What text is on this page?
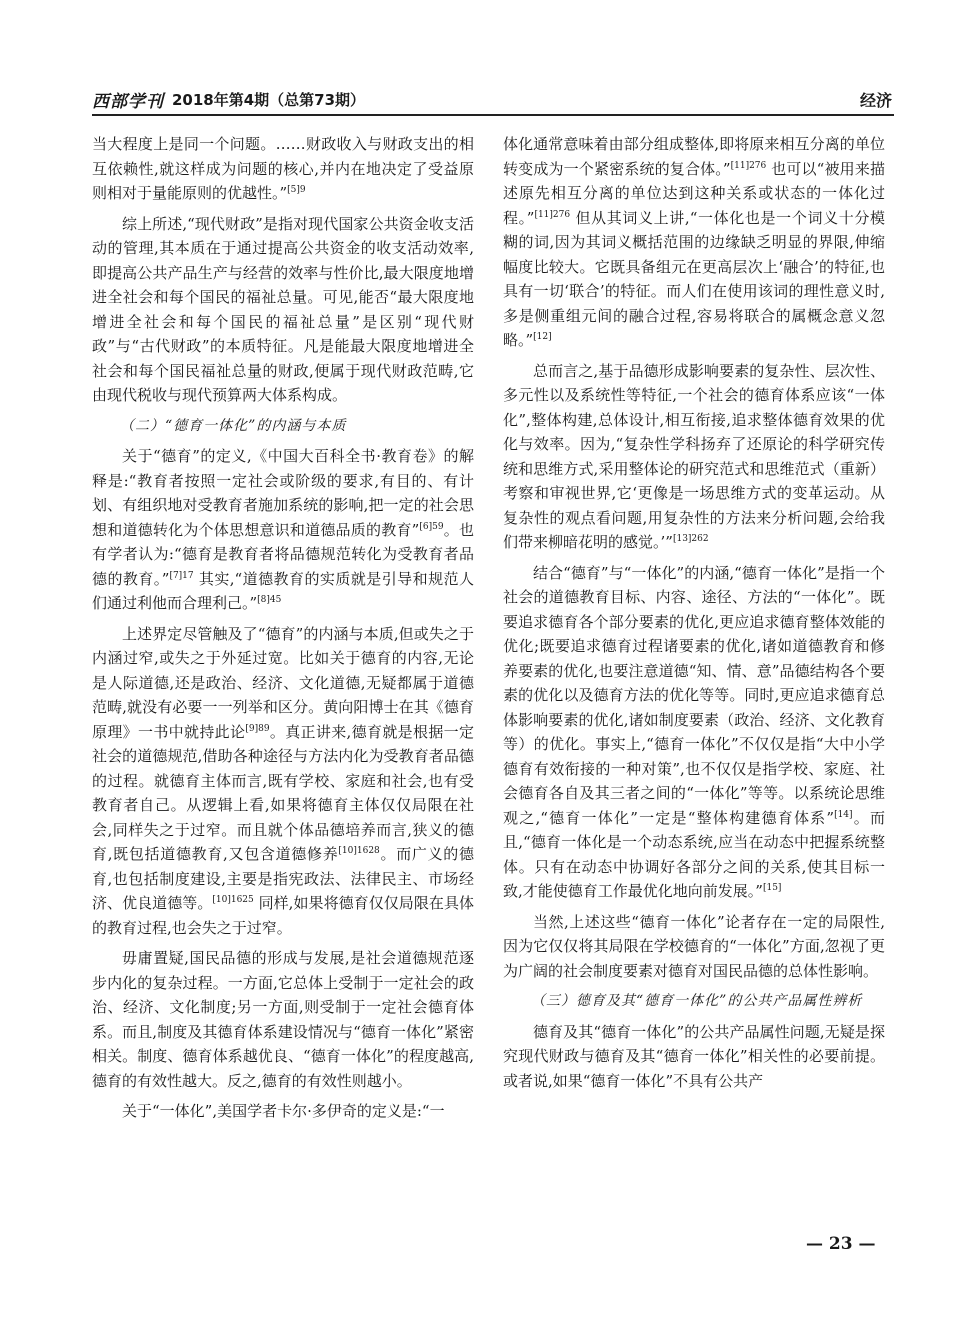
西部学刊 2018年第4期（总第73期）	经济

当大程度上是同一个问题。……财政收入与财政支出的相互依赖性,就这样成为问题的核心,并内在地决定了受益原则相对于量能原则的优越性。”$^{[5]9}$

综上所述,“现代财政”是指对现代国家公共资金收支活动的管理,其本质在于通过提高公共资金的收支活动效率,即提高公共产品生产与经营的效率与性价比,最大限度地增进全社会和每个国民的福祉总量。可见,能否“最大限度地增进全社会和每个国民的福祉总量”是区别“现代财政”与“古代财政”的本质特征。凡是能最大限度地增进全社会和每个国民福祉总量的财政,便属于现代财政范畴,它由现代税收与现代预算两大体系构成。

（二）“德育一体化”的内涵与本质

关于“德育”的定义,《中国大百科全书·教育卷》的解释是:“教育者按照一定社会或阶级的要求,有目的、有计划、有组织地对受教育者施加系统的影响,把一定的社会思想和道德转化为个体思想意识和道德品质的教育”$^{[6]59}$。也有学者认为:“德育是教育者将品德规范转化为受教育者品德的教育。”$^{[7]17}$ 其实,“道德教育的实质就是引导和规范人们通过利他而合理利己。”$^{[8]45}$

上述界定尽管触及了“德育”的内涵与本质,但或失之于内涵过窄,或失之于外延过宽。比如关于德育的内容,无论是人际道德,还是政治、经济、文化道德,无疑都属于道德范畴,就没有必要一一列举和区分。黄向阳博士在其《德育原理》一书中就持此论$^{[9]89}$。真正讲来,德育就是根据一定社会的道德规范,借助各种途径与方法内化为受教育者品德的过程。就德育主体而言,既有学校、家庭和社会,也有受教育者自己。从逻辑上看,如果将德育主体仅仅局限在社会,同样失之于过窄。而且就个体品德培养而言,狭义的德育,既包括道德教育,又包含道德修养$^{[10]1628}$。而广义的德育,也包括制度建设,主要是指宪政法、法律民主、市场经济、优良道德等。$^{[10]1625}$ 同样,如果将德育仅仅局限在具体的教育过程,也会失之于过窄。

毋庸置疑,国民品德的形成与发展,是社会道德规范逐步内化的复杂过程。一方面,它总体上受制于一定社会的政治、经济、文化制度;另一方面,则受制于一定社会德育体系。而且,制度及其德育体系建设情况与“德育一体化”紧密相关。制度、德育体系越优良、“德育一体化”的程度越高,德育的有效性越大。反之,德育的有效性则越小。

关于“一体化”,美国学者卡尔·多伊奇的定义是:“一

体化通常意味着由部分组成整体,即将原来相互分离的单位转变成为一个紧密系统的复合体。”$^{[11]276}$ 也可以“被用来描述原先相互分离的单位达到这种关系或状态的一体化过程。”$^{[11]276}$ 但从其词义上讲,“一体化也是一个词义十分模糊的词,因为其词义概括范围的边缘缺乏明显的界限,伸缩幅度比较大。它既具备组元在更高层次上‘融合’的特征,也具有一切‘联合’的特征。而人们在使用该词的理性意义时,多是侧重组元间的融合过程,容易将联合的属概念意义忽略。”[12]

总而言之,基于品德形成影响要素的复杂性、层次性、多元性以及系统性等特征,一个社会的德育体系应该“一体化”,整体构建,总体设计,相互衔接,追求整体德育效果的优化与效率。因为,“复杂性学科扬弃了还原论的科学研究传统和思维方式,采用整体论的研究范式和思维范式（重新）考察和审视世界,它‘更像是一场思维方式的变革运动。从复杂性的观点看问题,用复杂性的方法来分析问题,会给我们带来柳暗花明的感觉。’”$^{[13]262}$

结合“德育”与“一体化”的内涵,“德育一体化”是指一个社会的道德教育目标、内容、途径、方法的“一体化”。既要追求德育各个部分要素的优化,更应追求德育整体效能的优化;既要追求德育过程诸要素的优化,诸如道德教育和修养要素的优化,也要注意道德“知、情、意”品德结构各个要素的优化以及德育方法的优化等等。同时,更应追求德育总体影响要素的优化,诸如制度要素（政治、经济、文化教育等）的优化。事实上,“德育一体化”不仅仅是指“大中小学德育有效衔接的一种对策”,也不仅仅是指学校、家庭、社会德育各自及其三者之间的“一体化”等等。以系统论思维观之,“德育一体化”一定是“整体构建德育体系”[14]。而且,“德育一体化是一个动态系统,应当在动态中把握系统整体。只有在动态中协调好各部分之间的关系,使其目标一致,才能使德育工作最优化地向前发展。”[15]

当然,上述这些“德育一体化”论者存在一定的局限性,因为它仅仅将其局限在学校德育的“一体化”方面,忽视了更为广阔的社会制度要素对德育对国民品德的总体性影响。

（三）德育及其“德育一体化”的公共产品属性辨析

德育及其“德育一体化”的公共产品属性问题,无疑是探究现代财政与德育及其“德育一体化”相关性的必要前提。或者说,如果“德育一体化”不具有公共产

— 23 —
